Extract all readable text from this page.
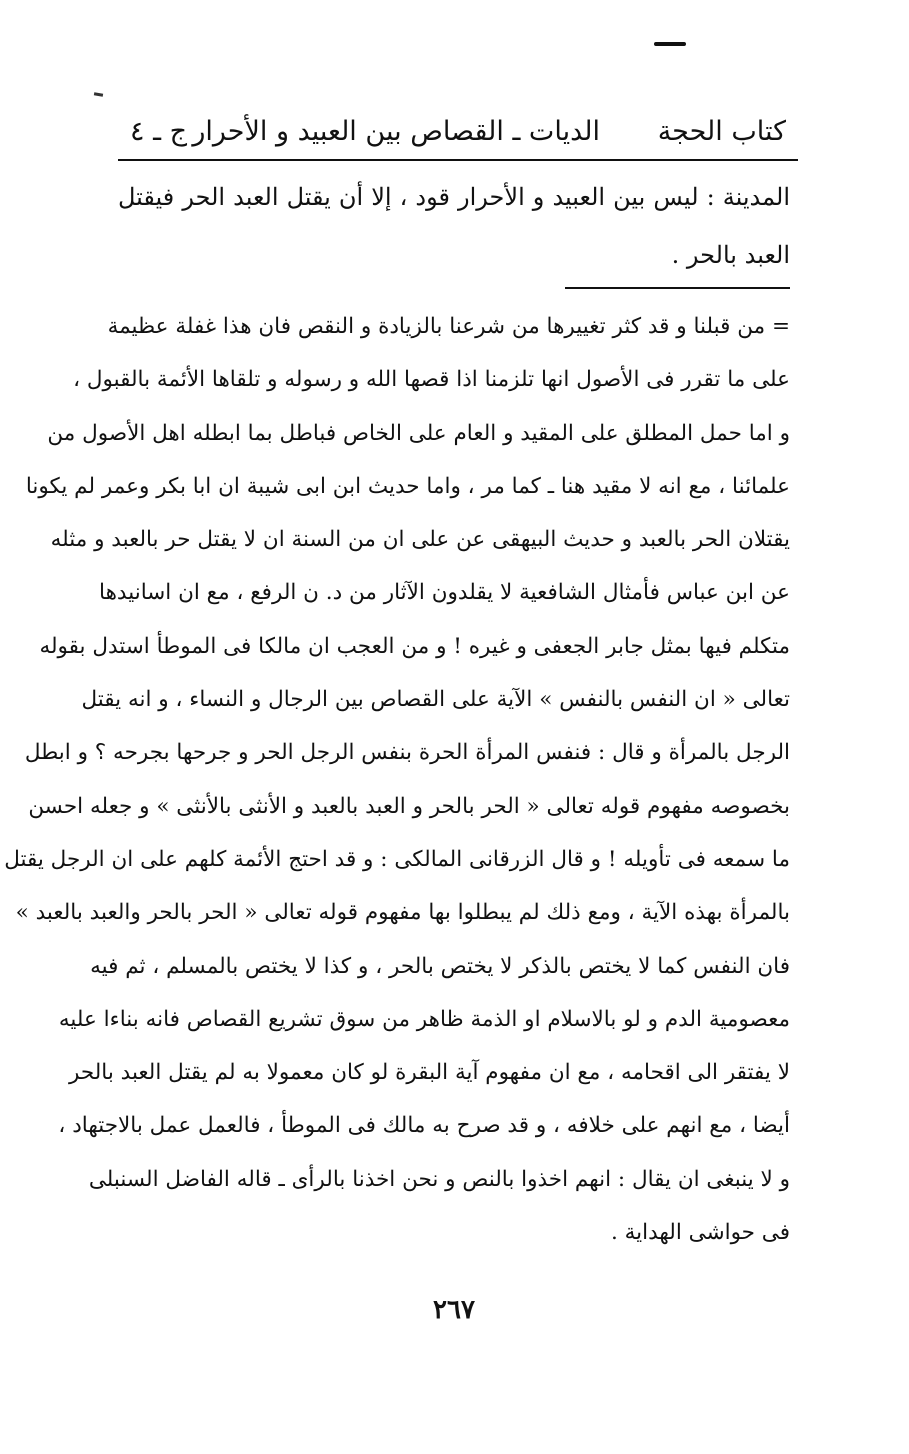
كتاب الحجة
الديات ـ القصاص بين العبيد و الأحرار
ج ـ ٤

المدينة : ليس بين العبيد و الأحرار قود ، إلا أن يقتل العبد الحر فيقتل العبد بالحر .

= من قبلنا و قد كثر تغييرها من شرعنا بالزيادة و النقص فان هذا غفلة عظيمة
على ما تقرر فى الأصول انها تلزمنا اذا قصها الله و رسوله و تلقاها الأئمة بالقبول ،
و اما حمل المطلق على المقيد و العام على الخاص فباطل بما ابطله اهل الأصول من
علمائنا ، مع انه لا مقيد هنا ـ كما مر ، واما حديث ابن ابى شيبة ان ابا بكر وعمر لم يكونا
يقتلان الحر بالعبد و حديث البيهقى عن على ان من السنة ان لا يقتل حر بالعبد و مثله
عن ابن عباس فأمثال الشافعية لا يقلدون الآثار من د. ن الرفع ، مع ان اسانيدها
متكلم فيها بمثل جابر الجعفى و غيره ! و من العجب ان مالكا فى الموطأ استدل بقوله
تعالى « ان النفس بالنفس » الآية على القصاص بين الرجال و النساء ، و انه يقتل
الرجل بالمرأة و قال : فنفس المرأة الحرة بنفس الرجل الحر و جرحها بجرحه ؟ و ابطل
بخصوصه مفهوم قوله تعالى « الحر بالحر و العبد بالعبد و الأنثى بالأنثى » و جعله احسن
ما سمعه فى تأويله ! و قال الزرقانى المالكى : و قد احتج الأئمة كلهم على ان الرجل يقتل
بالمرأة بهذه الآية ، ومع ذلك لم يبطلوا بها مفهوم قوله تعالى « الحر بالحر والعبد بالعبد »
فان النفس كما لا يختص بالذكر لا يختص بالحر ، و كذا لا يختص بالمسلم ، ثم فيه
معصومية الدم و لو بالاسلام او الذمة ظاهر من سوق تشريع القصاص فانه بناءا عليه
لا يفتقر الى اقحامه ، مع ان مفهوم آية البقرة لو كان معمولا به لم يقتل العبد بالحر
أيضا ، مع انهم على خلافه ، و قد صرح به مالك فى الموطأ ، فالعمل عمل بالاجتهاد ،
و لا ينبغى ان يقال : انهم اخذوا بالنص و نحن اخذنا بالرأى ـ قاله الفاضل السنبلى
فى حواشى الهداية .
٢٦٧
